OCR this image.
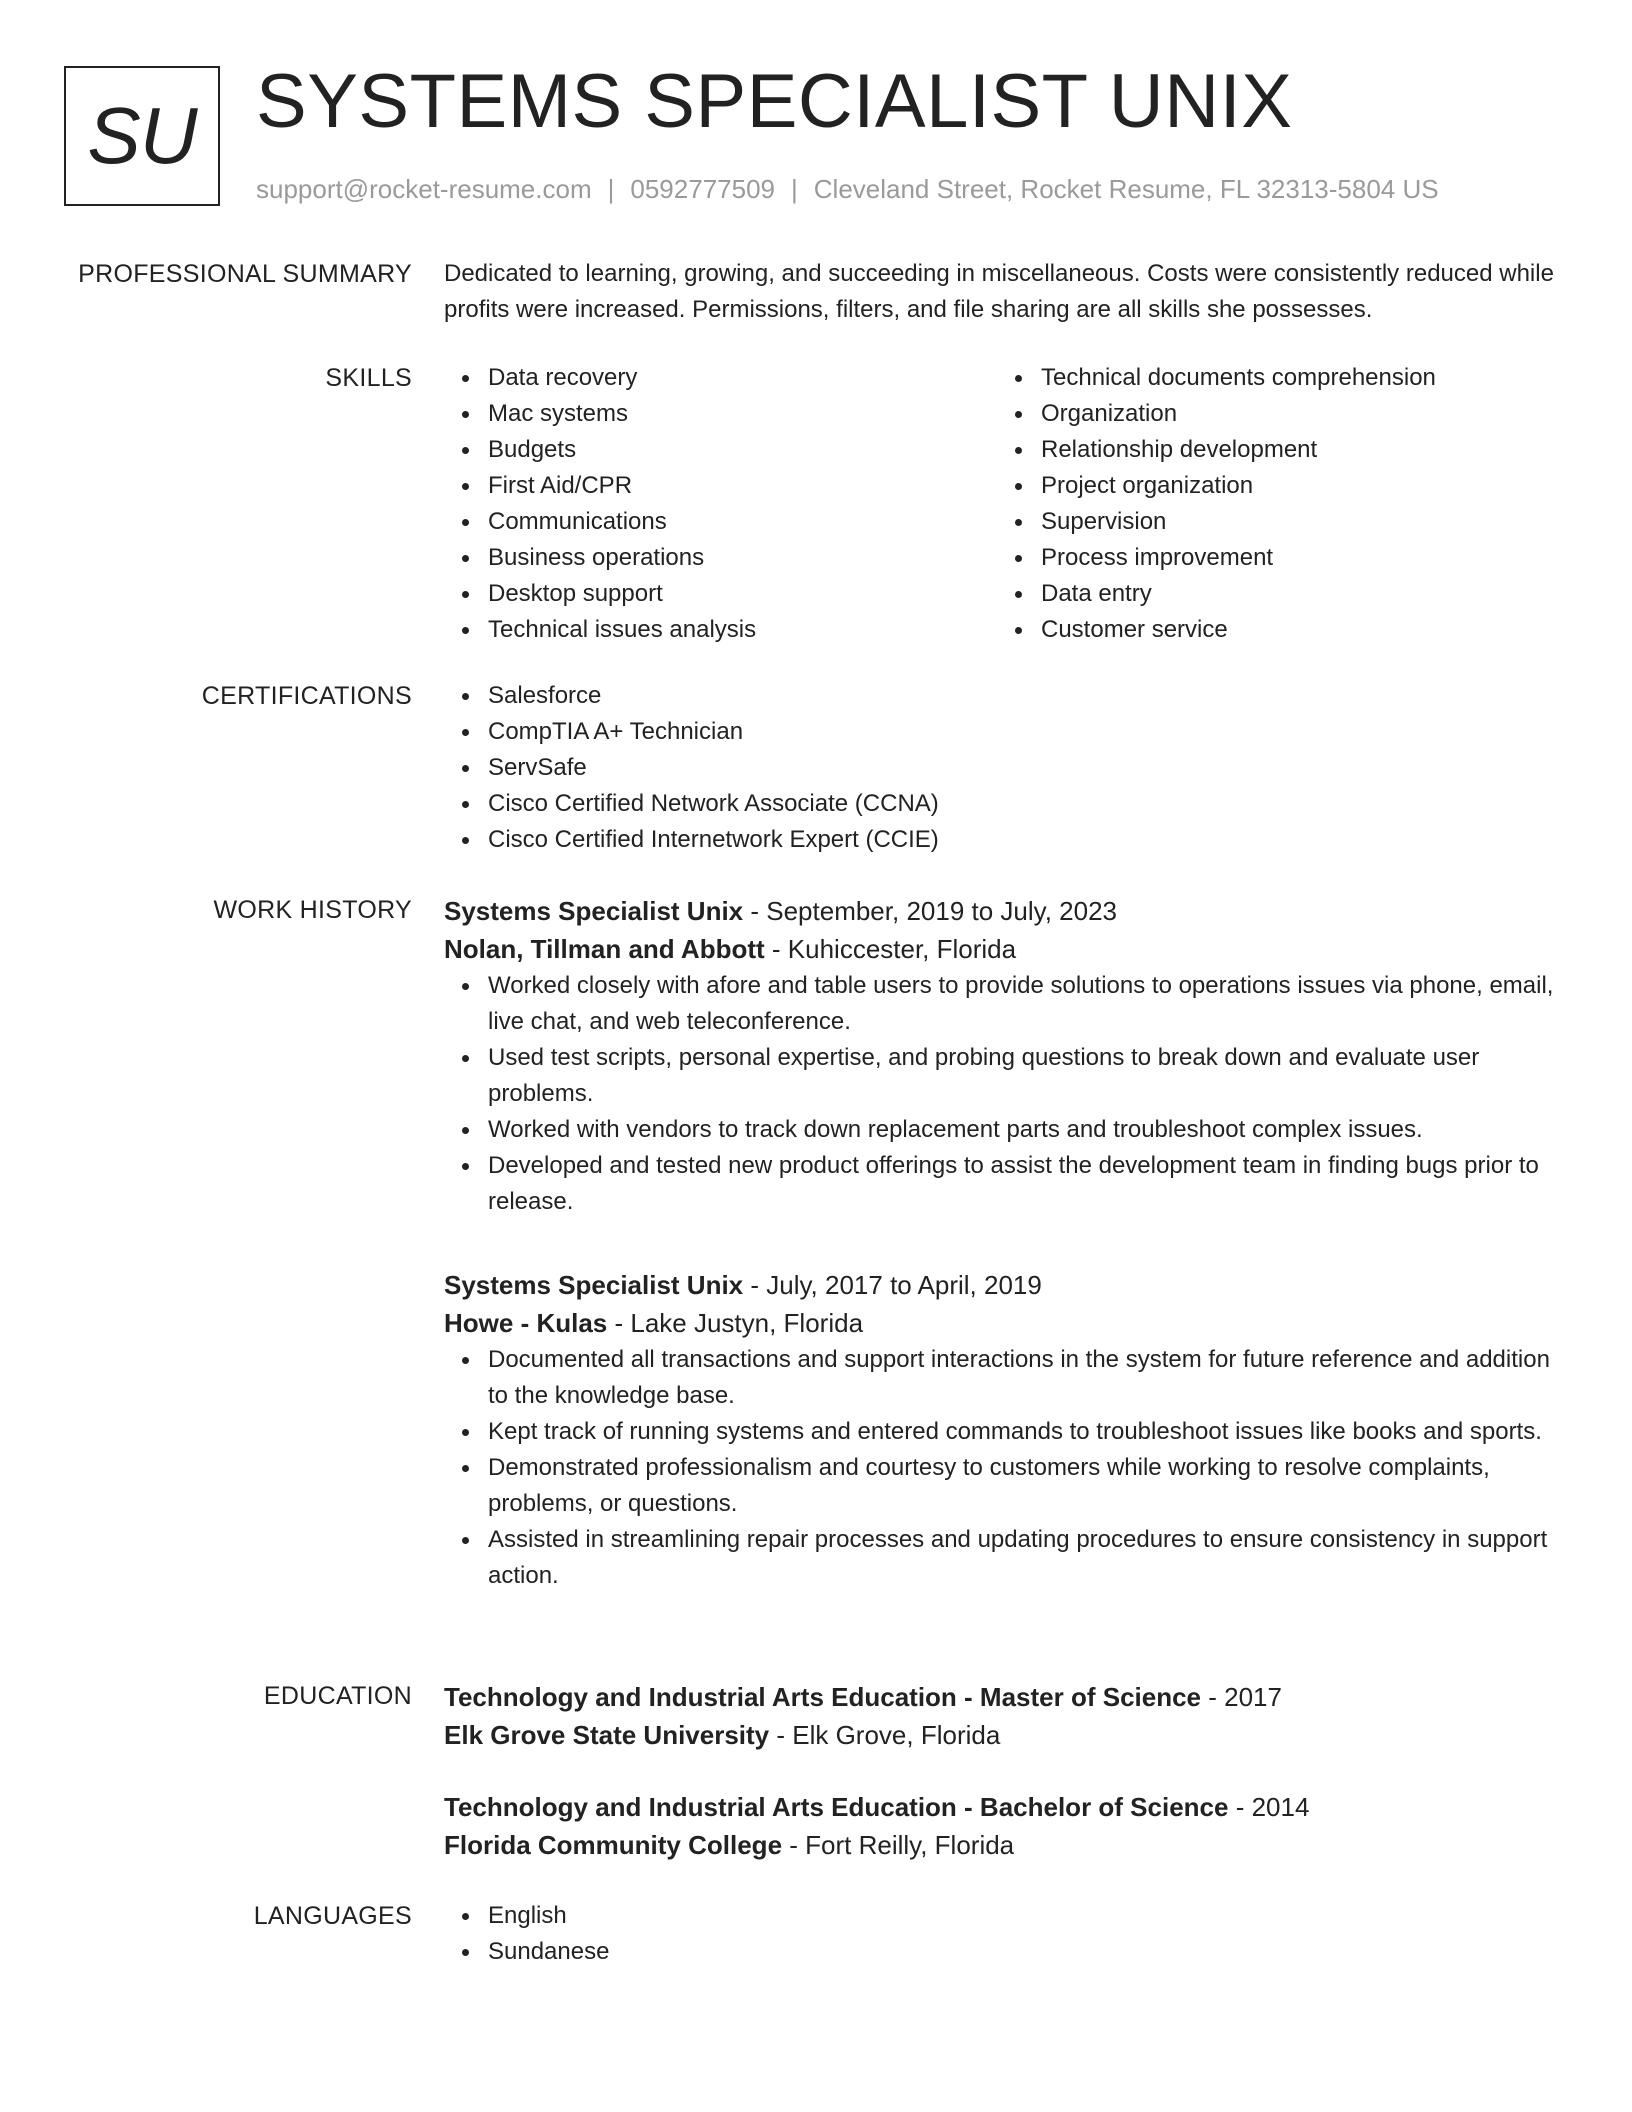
SU SYSTEMS SPECIALIST UNIX
support@rocket-resume.com | 0592777509 | Cleveland Street, Rocket Resume, FL 32313-5804 US
PROFESSIONAL SUMMARY Dedicated to learning, growing, and succeeding in miscellaneous. Costs were consistently reduced while profits were increased. Permissions, filters, and file sharing are all skills she possesses.

SKILLS	Data recovery
Mac systems
Budgets
First Aid/CPR
Communications
Business operations
Desktop support
Technical issues analysis
Technical documents comprehension
Organization
Relationship development
Project organization
Supervision
Process improvement
Data entry
Customer service
CERTIFICATIONS	Salesforce
CompTIA A+ Technician
ServSafe
Cisco Certified Network Associate (CCNA)
Cisco Certified Internetwork Expert (CCIE)
WORK HISTORY Systems Specialist Unix - September, 2019 to July, 2023

Nolan, Tillman and Abbott - Kuhiccester, Florida

Worked closely with afore and table users to provide solutions to operations issues via phone, email, live chat, and web teleconference.
Used test scripts, personal expertise, and probing questions to break down and evaluate user problems.
Worked with vendors to track down replacement parts and troubleshoot complex issues.
Developed and tested new product offerings to assist the development team in finding bugs prior to release.

Systems Specialist Unix - July, 2017 to April, 2019

Howe - Kulas - Lake Justyn, Florida

Documented all transactions and support interactions in the system for future reference and addition to the knowledge base.
Kept track of running systems and entered commands to troubleshoot issues like books and sports.
Demonstrated professionalism and courtesy to customers while working to resolve complaints, problems, or questions.
Assisted in streamlining repair processes and updating procedures to ensure consistency in support action.
EDUCATION Technology and Industrial Arts Education - Master of Science - 2017

Elk Grove State University - Elk Grove, Florida

Technology and Industrial Arts Education - Bachelor of Science - 2014

Florida Community College - Fort Reilly, Florida

LANGUAGES	English
Sundanese
